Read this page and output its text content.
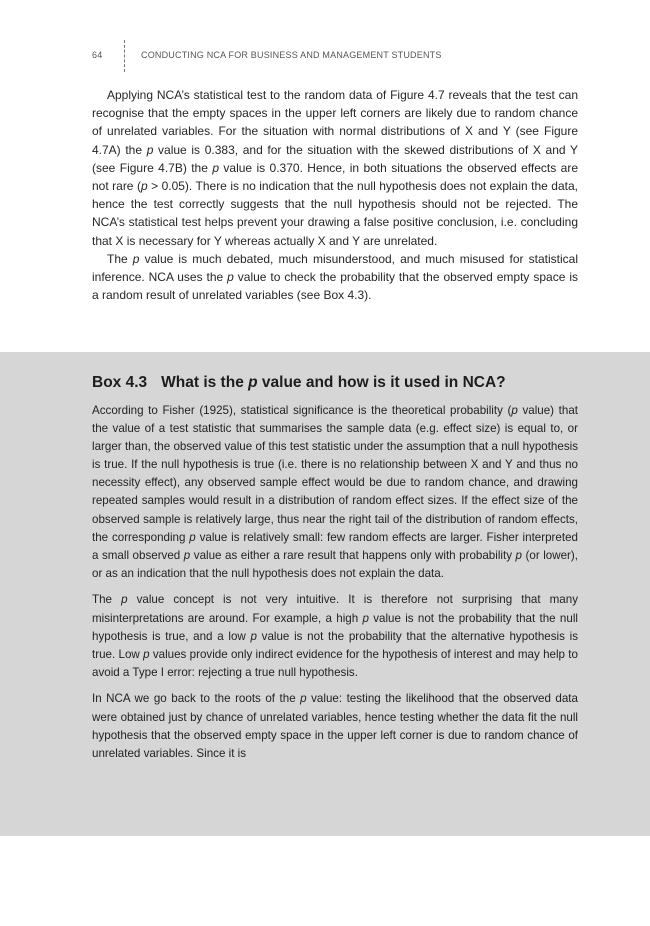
64	CONDUCTING NCA FOR BUSINESS AND MANAGEMENT STUDENTS

Applying NCA’s statistical test to the random data of Figure 4.7 reveals that the test can recognise that the empty spaces in the upper left corners are likely due to random chance of unrelated variables. For the situation with normal distributions of X and Y (see Figure 4.7A) the p value is 0.383, and for the situation with the skewed distributions of X and Y (see Figure 4.7B) the p value is 0.370. Hence, in both situations the observed effects are not rare (p > 0.05). There is no indication that the null hypothesis does not explain the data, hence the test correctly suggests that the null hypothesis should not be rejected. The NCA’s statistical test helps prevent your drawing a false positive conclusion, i.e. concluding that X is necessary for Y whereas actually X and Y are unrelated.

The p value is much debated, much misunderstood, and much misused for statistical inference. NCA uses the p value to check the probability that the observed empty space is a random result of unrelated variables (see Box 4.3).

Box 4.3 What is the p value and how is it used in NCA?

According to Fisher (1925), statistical significance is the theoretical probability (p value) that the value of a test statistic that summarises the sample data (e.g. effect size) is equal to, or larger than, the observed value of this test statistic under the assumption that a null hypothesis is true. If the null hypothesis is true (i.e. there is no relationship between X and Y and thus no necessity effect), any observed sample effect would be due to random chance, and drawing repeated samples would result in a distribution of random effect sizes. If the effect size of the observed sample is relatively large, thus near the right tail of the distribution of random effects, the corresponding p value is relatively small: few random effects are larger. Fisher interpreted a small observed p value as either a rare result that happens only with probability p (or lower), or as an indication that the null hypothesis does not explain the data.

The p value concept is not very intuitive. It is therefore not surprising that many misinterpretations are around. For example, a high p value is not the probability that the null hypothesis is true, and a low p value is not the probability that the alternative hypothesis is true. Low p values provide only indirect evidence for the hypothesis of interest and may help to avoid a Type I error: rejecting a true null hypothesis.

In NCA we go back to the roots of the p value: testing the likelihood that the observed data were obtained just by chance of unrelated variables, hence testing whether the data fit the null hypothesis that the observed empty space in the upper left corner is due to random chance of unrelated variables. Since it is
